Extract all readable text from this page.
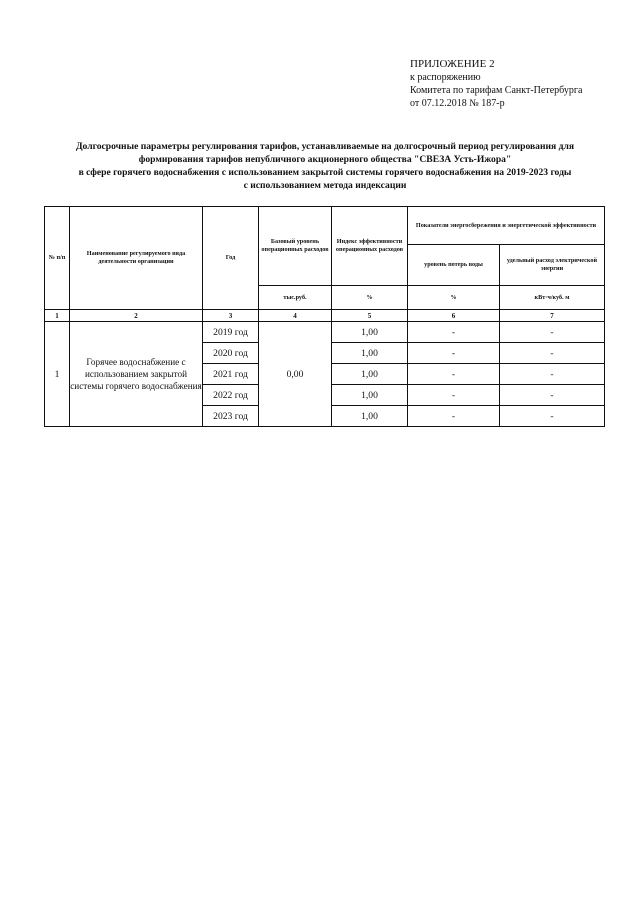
ПРИЛОЖЕНИЕ 2
к распоряжению
Комитета по тарифам Санкт-Петербурга
от 07.12.2018 № 187-р
Долгосрочные параметры регулирования тарифов, устанавливаемые на долгосрочный период регулирования для
формирования тарифов непубличного акционерного общества "СВЕЗА Усть-Ижора"
в сфере горячего водоснабжения с использованием закрытой системы горячего водоснабжения на 2019-2023 годы
с использованием метода индексации
№ п/п	Наименование регулируемого вида деятельности организации	Год	Базовый уровень операционных расходов	Индекс эффективности операционных расходов	Показатели энергосбережения и энергетической эффективности	
					уровень потерь воды	удельный расход электрической энергии
			тыс.руб.	%	%	кВт·ч/куб. м
1	2	3	4	5	6	7
1	Горячее водоснабжение с использованием закрытой системы горячего водоснабжения	2019 год	0,00	1,00	-	-
		2020 год		1,00	-	-
		2021 год		1,00	-	-
		2022 год		1,00	-	-
		2023 год		1,00	-	-
